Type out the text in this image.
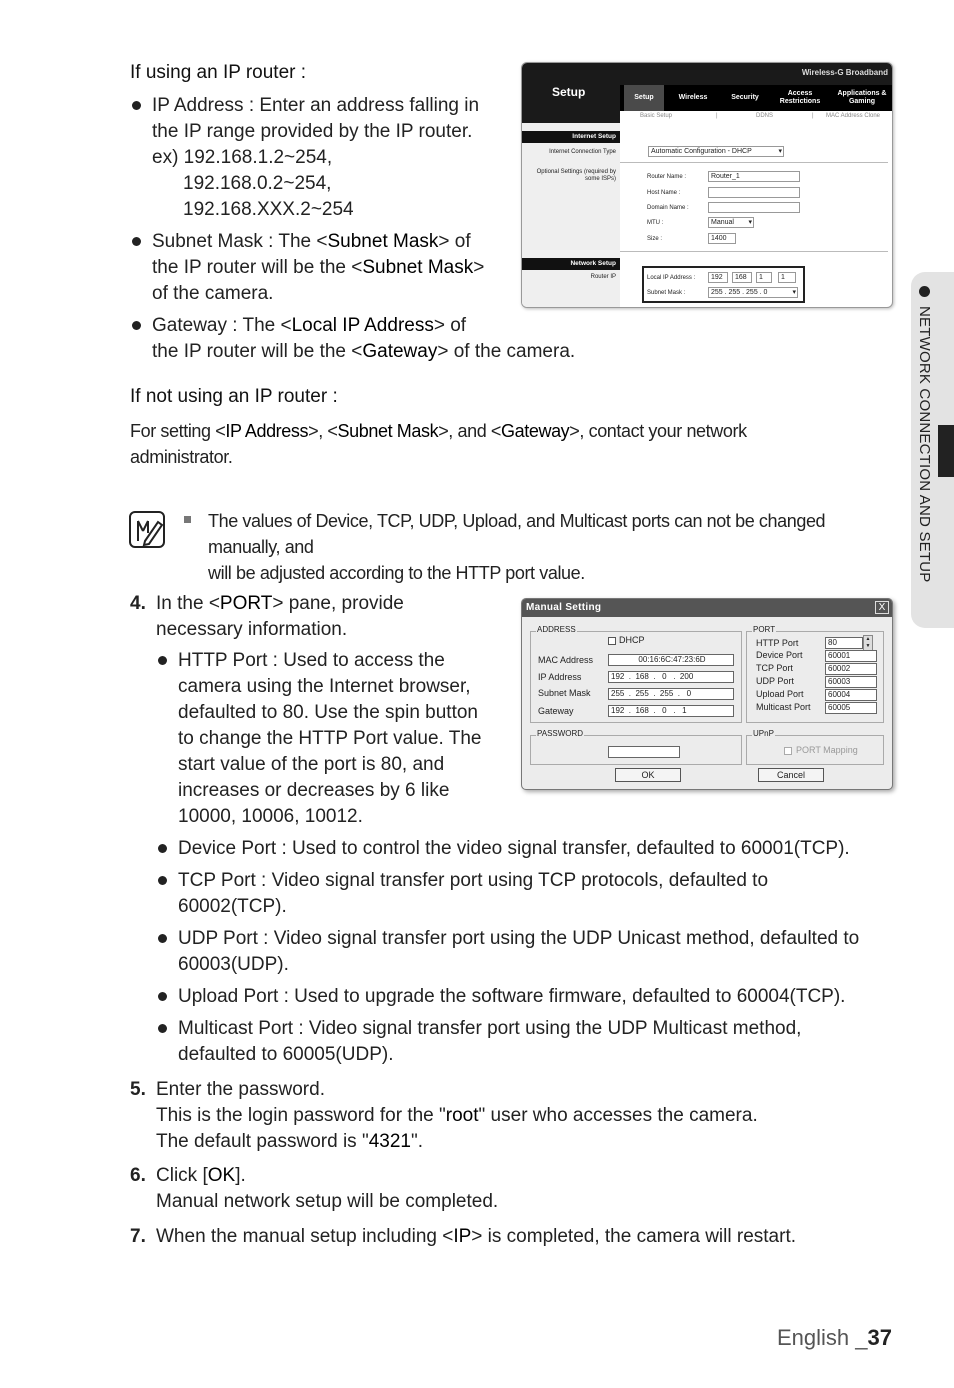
NETWORK CONNECTION AND SETUP
If using an IP router :
IP Address : Enter an address falling in
the IP range provided by the IP router.
ex) 192.168.1.2~254,
192.168.0.2~254,
192.168.XXX.2~254
Subnet Mask : The <Subnet Mask> of
the IP router will be the <Subnet Mask>
of the camera.
Gateway : The <Local IP Address> of
the IP router will be the <Gateway> of the camera.
Wireless-G Broadband
Setup	Setup	Wireless	Security
Access Restrictions
Applications & Gaming
Basic Setup	|	DDNS	| MAC Address Clone
Internet Setup
Internet Connection Type
Optional Settings (required by some ISPs)
Network Setup
Router IP
Automatic Configuration - DHCP ▾
Router Name :	Router_1
Host Name :
Domain Name :
MTU :	Manual ▾
Size :	1400
Local IP Address :	192	168	1	1
Subnet Mask :	255 . 255 . 255 . 0 ▾
If not using an IP router :
For setting <IP Address>, <Subnet Mask>, and <Gateway>, contact your network
administrator.
The values of Device, TCP, UDP, Upload, and Multicast ports can not be changed manually, and
will be adjusted according to the HTTP port value.
4. In the <PORT> pane, provide
necessary information.
HTTP Port : Used to access the
camera using the Internet browser,
defaulted to 80. Use the spin button
to change the HTTP Port value. The
start value of the port is 80, and
increases or decreases by 6 like
10000, 10006, 10012.
Manual Setting	X
ADDRESS
DHCP
MAC Address	00:16:6C:47:23:6D
IP Address	192  .  168  .   0   .  200
Subnet Mask	255  .  255  .  255  .   0
Gateway	192  .  168  .   0   .   1
PORT
HTTP Port	80	▲
▼
Device Port	60001
TCP Port	60002
UDP Port	60003
Upload Port	60004
Multicast Port	60005
PASSWORD	UPnP
PORT Mapping
OK	Cancel
Device Port : Used to control the video signal transfer, defaulted to 60001(TCP).
TCP Port : Video signal transfer port using TCP protocols, defaulted to
60002(TCP).
UDP Port : Video signal transfer port using the UDP Unicast method, defaulted to
60003(UDP).
Upload Port : Used to upgrade the software firmware, defaulted to 60004(TCP).
Multicast Port : Video signal transfer port using the UDP Multicast method,
defaulted to 60005(UDP).
5. Enter the password.
This is the login password for the "root" user who accesses the camera.
The default password is "4321".
6. Click [OK].
Manual network setup will be completed.
7. When the manual setup including <IP> is completed, the camera will restart.
English _37
